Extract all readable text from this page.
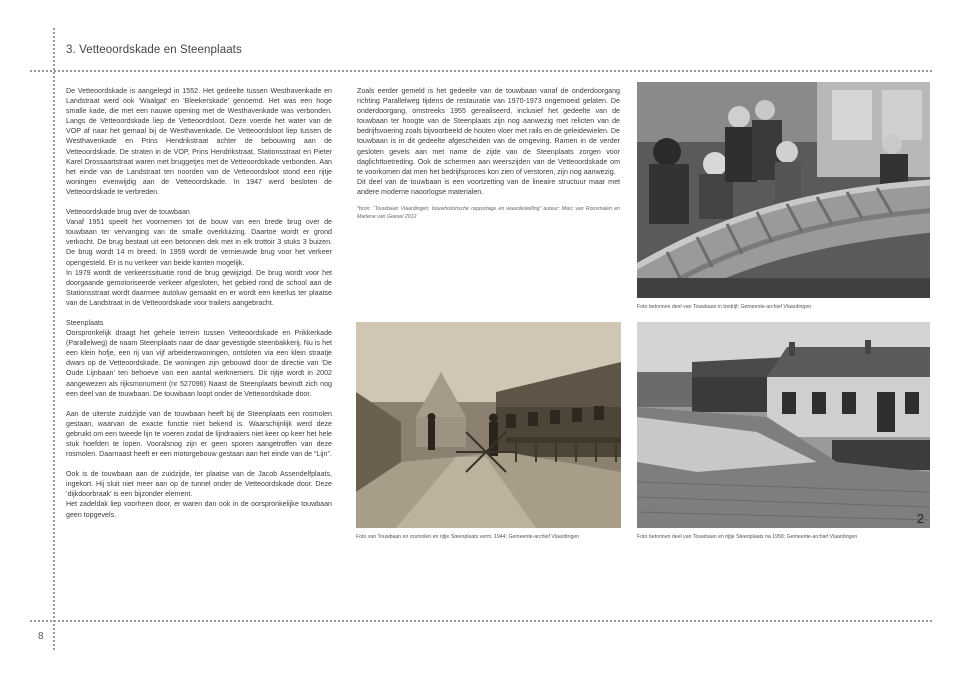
3. Vetteoordskade en Steenplaats
8

De Vetteoordskade is aangelegd in 1552. Het gedeelte tussen Westhavenkade en Landstraat werd ook ‘Waalgat’ en ‘Bleekerskade’ genoemd. Het was een hoge smalle kade, die met een nauwe opening met de Westhavenkade was verbonden. Langs de Vetteoordskade liep de Vetteoordsloot. Deze voerde het water van de VOP af naar het gemaal bij de Westhavenkade. De Vetteoordsloot liep tussen de Westhavenkade en Prins Hendrikstraat achter de bebouwing aan de Vetteoordskade. De straten in de VOP, Prins Hendrikstraat, Stationsstraat en Pieter Karel Drossaartstraat waren met bruggetjes met de Vetteoordskade verbonden. Aan het einde van de Landstraat ten noorden van de Vetteoordsloot stond een rijtje woningen evenwijdig aan de Vetteoordskade. In 1947 werd besloten de Vetteoordskade te verbreden.

Vetteoordskade brug over de touwbaan

Vanaf 1951 speelt het voornemen tot de bouw van een brede brug over de touwbaan ter vervanging van de smalle overkluizing. Daartoe wordt er grond verkocht. De brug bestaat uit een betonnen dek met in elk trottoir 3 stuks 3 buizen. De brug wordt 14 m breed. In 1959 wordt de vernieuwde brug voor het verkeer opengesteld. Er is nu verkeer van beide kanten mogelijk.

In 1979 wordt de verkeerssituatie rond de brug gewijzigd. De brug wordt voor het doorgaande gemotoriseerde verkeer afgesloten, het gebied rond de school aan de Stationsstraat wordt daarmee autoluw gemaakt en er wordt een keerlus ter plaatse van de Landstraat in de Vetteoordskade voor trailers aangebracht.

Steenplaats

Oorspronkelijk draagt het gehele terrein tussen Vetteoordskade en Prikkerkade (Parallelweg) de naam Steenplaats naar de daar gevestigde steenbakkerij. Nu is het een klein hofje, een rij van vijf arbeiderswoningen, ontsloten via een klein straatje dwars op de Vetteoordskade. De woningen zijn gebouwd door de directie van ‘De Oude Lijnbaan’ ten behoeve van een aantal werknemers. Dit rijtje wordt in 2002 aangewezen als rijksmonument (nr 527096) Naast de Steenplaats bevindt zich nog een deel van de touwbaan. De touwbaan loopt onder de Vetteoordskade door.

Aan de uiterste zuidzijde van de touwbaan heeft bij de Steenplaats een rosmolen gestaan, waarvan de exacte functie niet bekend is. Waarschijnlijk werd deze gebruikt om een tweede lijn te voeren zodat de lijndraaiers niet keer op keer het hele stuk hoefden te lopen. Vooralsnog zijn er geen sporen aangetroffen van deze rosmolen. Daarnaast heeft er een motorgebouw gestaan aan het einde van de “Lijn”.

Ook is de touwbaan aan de zuidzijde, ter plaatse van de Jacob Assendelfplaats, ingekort. Hij sluit niet meer aan op de tunnel onder de Vetteoordskade door. Deze ‘dijkdoorbraak’ is een bijzonder element.

Het zadeldak liep voorheen door, er waren dan ook in de oorspronkelijke touwbaan geen topgevels.

Zoals eerder gemeld is het gedeelte van de touwbaan vanaf de onderdoorgang richting Parallelweg tijdens de restauratie van 1970-1973 ongemoeid gelaten. De onderdoorgang, omstreeks 1955 gerealiseerd, inclusief het gedeelte van de touwbaan ter hoogte van de Steenplaats zijn nog aanwezig met relicten van de bedrijfsvoering zoals bijvoorbeeld de houten vloer met rails en de geleidewielen. De touwbaan is in dit gedeelte afgescheiden van de omgeving. Ramen in de verder gesloten gevels aan met name de zijde van de Steenplaats zorgen voor daglichttoetreding. Ook de schermen aan weerszijden van de Vetteoordskade om te voorkomen dat men het bedrijfsproces kon zien of verstoren, zijn nog aanwezig.

Dit deel van de touwbaan is een voortzetting van de lineaire structuur maar met andere moderne naoorlogse materialen.

*bron: “Touwbaan Vlaardingen; bouwhistorische rapportage en waardestelling” auteur: Marc van Roosmalen en Marlene van Geesel 2012

Foto betonnen deel van Touwbaan in bedrijf; Gemeente-archief Vlaardingen
Foto van Touwbaan en rosmolen en rijtje Steenplaats verm. 1944; Gemeente-archief Vlaardingen
2
Foto betonnen deel van Touwbaan en rijtje Steenplaats na 1958; Gemeente-archief Vlaardingen
